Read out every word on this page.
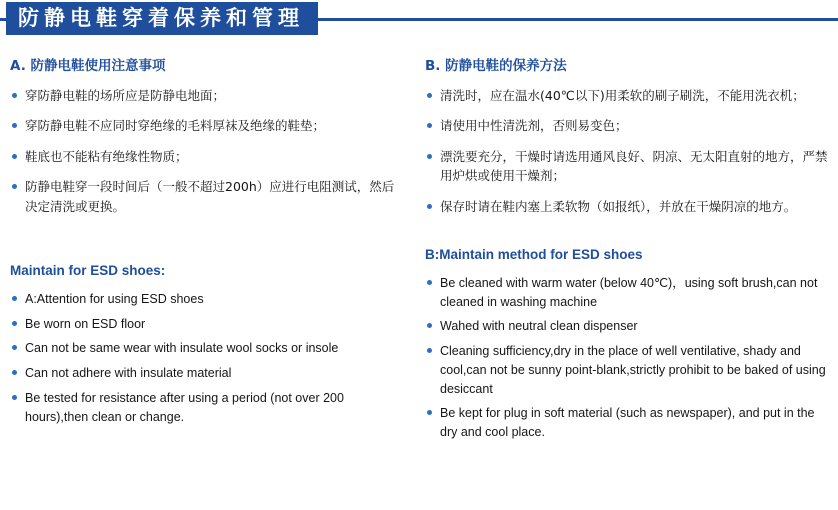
防静电鞋穿着保养和管理
A. 防静电鞋使用注意事项
穿防静电鞋的场所应是防静电地面；
穿防静电鞋不应同时穿绝缘的毛料厚袜及绝缘的鞋垫；
鞋底也不能粘有绝缘性物质；
防静电鞋穿一段时间后（一般不超过200h）应进行电阻测试，然后决定清洗或更换。
Maintain for ESD shoes:
A:Attention for using ESD shoes
Be worn on ESD floor
Can not be same wear with insulate wool socks or insole
Can not adhere with insulate material
Be tested for resistance after using a period (not over 200 hours),then clean or change.
B. 防静电鞋的保养方法
清洗时，应在温水(40℃以下)用柔软的刷子刷洗，不能用洗衣机；
请使用中性清洗剂，否则易变色；
漂洗要充分，干燥时请选用通风良好、阴凉、无太阳直射的地方，严禁用炉烘或使用干燥剂；
保存时请在鞋内塞上柔软物（如报纸），并放在干燥阴凉的地方。
B:Maintain method for ESD shoes
Be cleaned with warm water (below 40℃)，using soft brush,can not cleaned in washing machine
Wahed with neutral clean dispenser
Cleaning sufficiency,dry in the place of well ventilative, shady and cool,can not be sunny point-blank,strictly prohibit to be baked of using desiccant
Be kept for plug in soft material (such as newspaper), and put in the dry and cool place.
